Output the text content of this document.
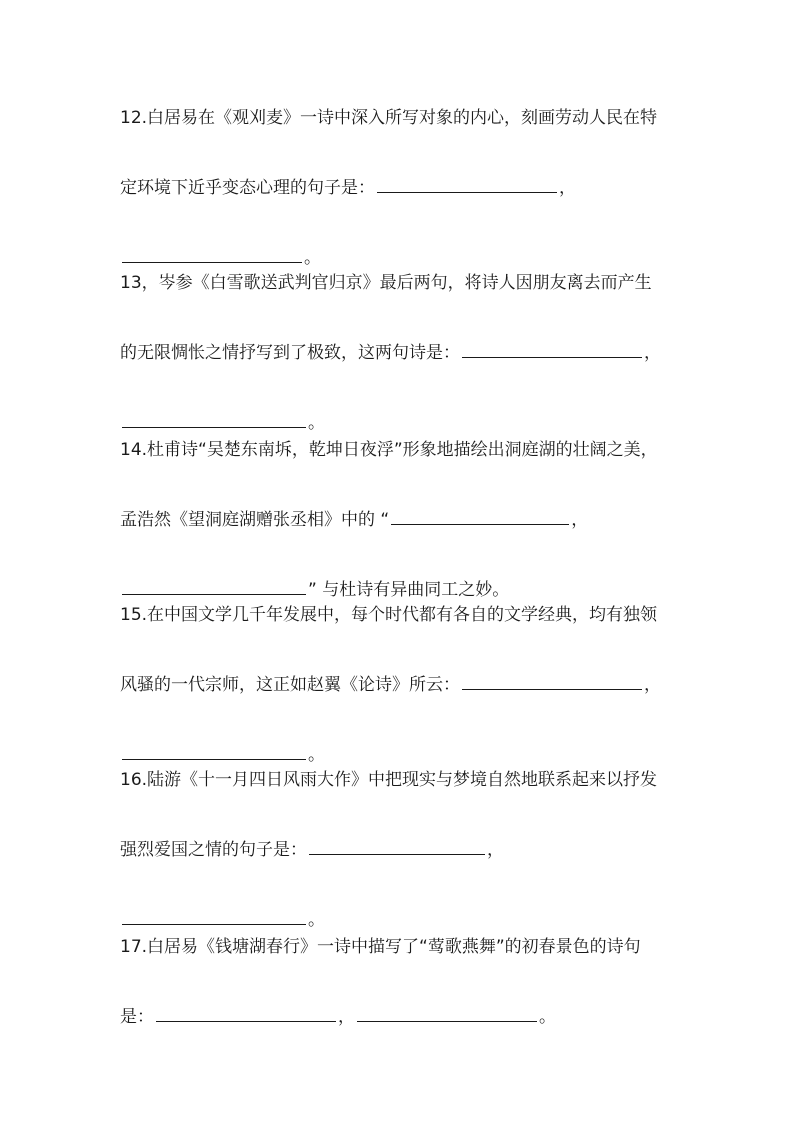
12.白居易在《观刈麦》一诗中深入所写对象的内心，刻画劳动人民在特
定环境下近乎变态心理的句子是：	，
。
13，岑参《白雪歌送武判官归京》最后两句，将诗人因朋友离去而产生
的无限惆怅之情抒写到了极致，这两句诗是：	，
。
14.杜甫诗“吴楚东南坼，乾坤日夜浮”形象地描绘出洞庭湖的壮阔之美，
孟浩然《望洞庭湖赠张丞相》中的 “	，
” 与杜诗有异曲同工之妙。
15.在中国文学几千年发展中，每个时代都有各自的文学经典，均有独领
风骚的一代宗师，这正如赵翼《论诗》所云：	，
。
16.陆游《十一月四日风雨大作》中把现实与梦境自然地联系起来以抒发
强烈爱国之情的句子是：	，
。
17.白居易《钱塘湖春行》一诗中描写了“莺歌燕舞”的初春景色的诗句
是：	，	。
